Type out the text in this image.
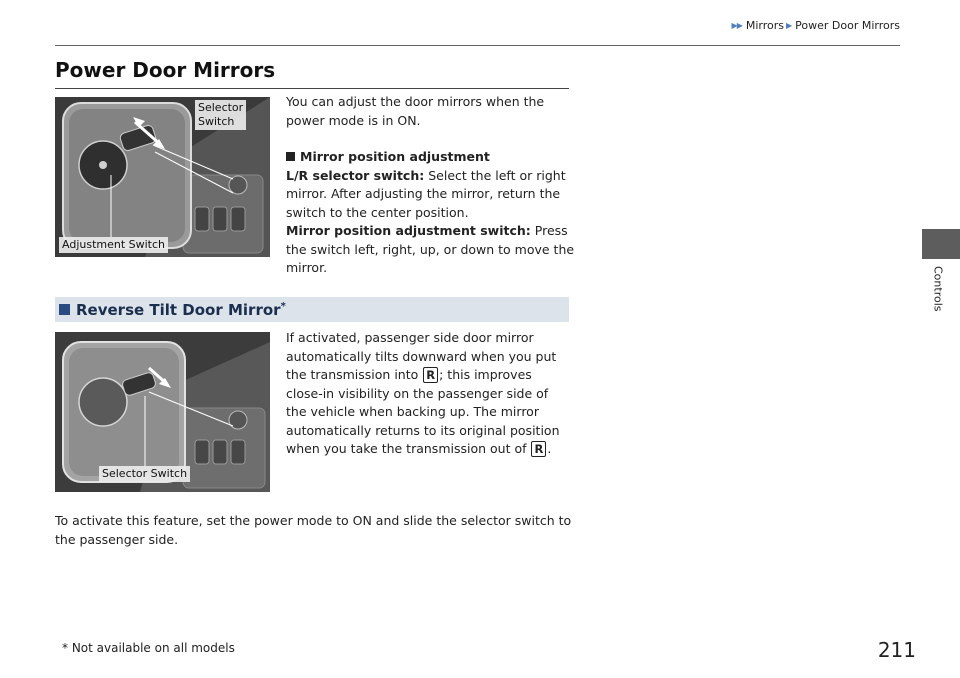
▶▶ Mirrors ▶ Power Door Mirrors
Controls
Power Door Mirrors
Selector
Switch
Adjustment Switch

You can adjust the door mirrors when the power mode is in ON.

Mirror position adjustment

L/R selector switch: Select the left or right mirror. After adjusting the mirror, return the switch to the center position.

Mirror position adjustment switch: Press the switch left, right, up, or down to move the mirror.

Reverse Tilt Door Mirror*
Selector Switch

If activated, passenger side door mirror automatically tilts downward when you put the transmission into R ; this improves close-in visibility on the passenger side of the vehicle when backing up. The mirror automatically returns to its original position when you take the transmission out of R .

To activate this feature, set the power mode to ON and slide the selector switch to the passenger side.
* Not available on all models	211
